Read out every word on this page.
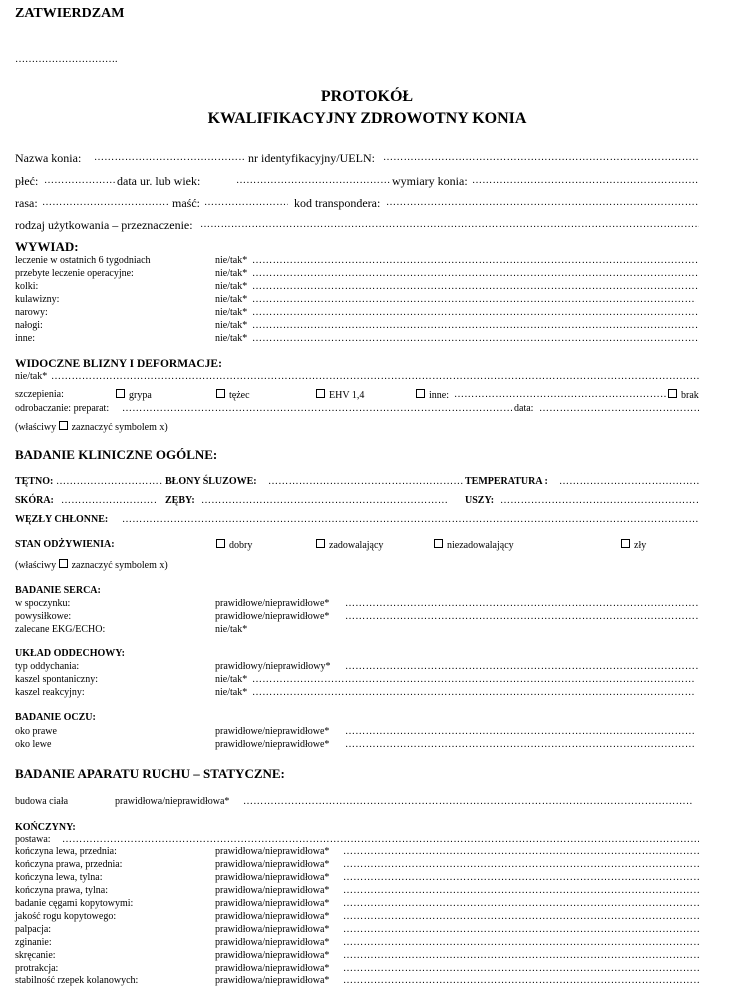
ZATWIERDZAM
………………………….
PROTOKÓŁ
KWALIFIKACYJNY ZDROWOTNY KONIA
Nazwa konia: ………………………………………………………………………………………………………………………………………………………………………………………………………………	nr identyfikacyjny/UELN:
………………………………………………………………………………………………………………………………………………………………………………………………………………
płeć: ………………………………………………………………………………………………………………………………………………………………………………………………………………	data ur. lub wiek: ………………………………………………………………………………………………………………………………………………………………………………………………………………	wymiary konia:
………………………………………………………………………………………………………………………………………………………………………………………………………………
rasa: ………………………………………………………………………………………………………………………………………………………………………………………………………………	maść: ………………………………………………………………………………………………………………………………………………………………………………………………………………	kod transpondera:
………………………………………………………………………………………………………………………………………………………………………………………………………………
rodzaj użytkowania – przeznaczenie:
………………………………………………………………………………………………………………………………………………………………………………………………………………
WYWIAD:
leczenie w ostatnich 6 tygodniach	nie/tak*
………………………………………………………………………………………………………………………………………………………………………………………………………………
przebyte leczenie operacyjne:	nie/tak*
………………………………………………………………………………………………………………………………………………………………………………………………………………
kolki:	nie/tak*
………………………………………………………………………………………………………………………………………………………………………………………………………………
kulawizny:	nie/tak*
………………………………………………………………………………………………………………………………………………………………………………………………………………
narowy:	nie/tak*
………………………………………………………………………………………………………………………………………………………………………………………………………………
nałogi:	nie/tak*
………………………………………………………………………………………………………………………………………………………………………………………………………………
inne:	nie/tak*
………………………………………………………………………………………………………………………………………………………………………………………………………………
WIDOCZNE BLIZNY I DEFORMACJE:
nie/tak*
………………………………………………………………………………………………………………………………………………………………………………………………………………
szczepienia:	grypa	tężec	EHV 1,4	inne: ………………………………………………………………………………………………………………………………………………………………………………………………………………	brak
odrobaczanie: preparat: ………………………………………………………………………………………………………………………………………………………………………………………………………………	data:
………………………………………………………………………………………………………………………………………………………………………………………………………………
(właściwy zaznaczyć symbolem x)
BADANIE KLINICZNE OGÓLNE:
TĘTNO: ………………………………………………………………………………………………………………………………………………………………………………………………………………	BŁONY ŚLUZOWE: ………………………………………………………………………………………………………………………………………………………………………………………………………………	TEMPERATURA :
………………………………………………………………………………………………………………………………………………………………………………………………………………
SKÓRA: ………………………………………………………………………………………………………………………………………………………………………………………………………………	ZĘBY: ………………………………………………………………………………………………………………………………………………………………………………………………………………	USZY:
………………………………………………………………………………………………………………………………………………………………………………………………………………
WĘZŁY CHŁONNE:
………………………………………………………………………………………………………………………………………………………………………………………………………………
STAN ODŻYWIENIA:	dobry	zadowalający	niezadowalający	zły
(właściwy zaznaczyć symbolem x)
BADANIE SERCA:
w spoczynku:	prawidłowe/nieprawidłowe*
………………………………………………………………………………………………………………………………………………………………………………………………………………
powysiłkowe:	prawidłowe/nieprawidłowe*
………………………………………………………………………………………………………………………………………………………………………………………………………………
zalecane EKG/ECHO:	nie/tak*
UKŁAD ODDECHOWY:
typ oddychania:	prawidłowy/nieprawidłowy*
………………………………………………………………………………………………………………………………………………………………………………………………………………
kaszel spontaniczny:	nie/tak*
………………………………………………………………………………………………………………………………………………………………………………………………………………
kaszel reakcyjny:	nie/tak*
………………………………………………………………………………………………………………………………………………………………………………………………………………
BADANIE OCZU:
oko prawe	prawidłowe/nieprawidłowe*
………………………………………………………………………………………………………………………………………………………………………………………………………………
oko lewe	prawidłowe/nieprawidłowe*
………………………………………………………………………………………………………………………………………………………………………………………………………………
BADANIE APARATU RUCHU – STATYCZNE:
budowa ciała	prawidłowa/nieprawidłowa*
………………………………………………………………………………………………………………………………………………………………………………………………………………
KOŃCZYNY:
postawa:
………………………………………………………………………………………………………………………………………………………………………………………………………………
kończyna lewa, przednia:	prawidłowa/nieprawidłowa*
………………………………………………………………………………………………………………………………………………………………………………………………………………
kończyna prawa, przednia:	prawidłowa/nieprawidłowa*
………………………………………………………………………………………………………………………………………………………………………………………………………………
kończyna lewa, tylna:	prawidłowa/nieprawidłowa*
………………………………………………………………………………………………………………………………………………………………………………………………………………
kończyna prawa, tylna:	prawidłowa/nieprawidłowa*
………………………………………………………………………………………………………………………………………………………………………………………………………………
badanie cęgami kopytowymi:	prawidłowa/nieprawidłowa*
………………………………………………………………………………………………………………………………………………………………………………………………………………
jakość rogu kopytowego:	prawidłowa/nieprawidłowa*
………………………………………………………………………………………………………………………………………………………………………………………………………………
palpacja:	prawidłowa/nieprawidłowa*
………………………………………………………………………………………………………………………………………………………………………………………………………………
zginanie:	prawidłowa/nieprawidłowa*
………………………………………………………………………………………………………………………………………………………………………………………………………………
skręcanie:	prawidłowa/nieprawidłowa*
………………………………………………………………………………………………………………………………………………………………………………………………………………
protrakcja:	prawidłowa/nieprawidłowa*
………………………………………………………………………………………………………………………………………………………………………………………………………………
stabilność rzepek kolanowych:	prawidłowa/nieprawidłowa*
………………………………………………………………………………………………………………………………………………………………………………………………………………
